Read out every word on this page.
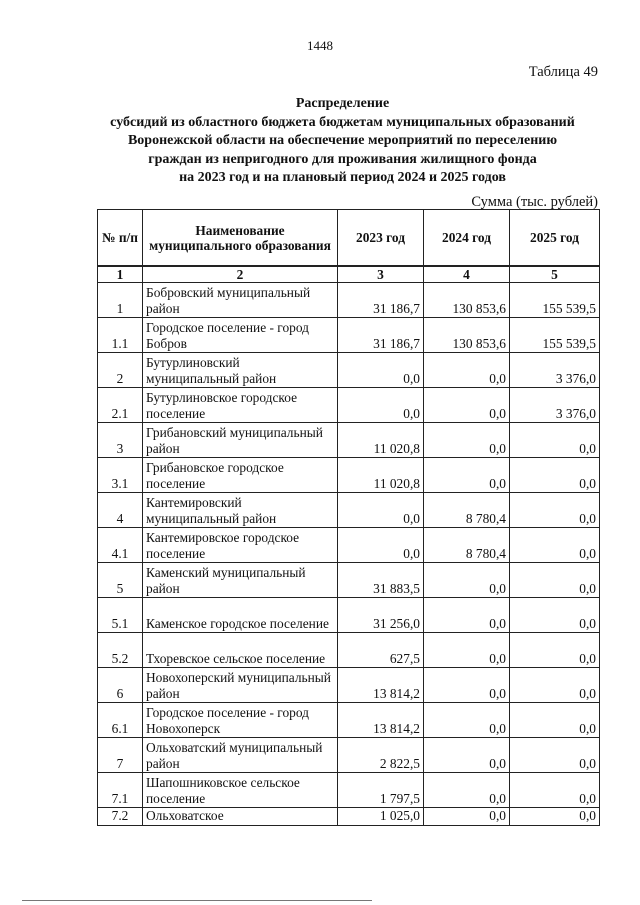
1448
Таблица 49
Распределение
субсидий из областного бюджета бюджетам муниципальных образований
Воронежской области на обеспечение мероприятий по переселению
граждан из непригодного для проживания жилищного фонда
на 2023 год и на плановый период 2024 и 2025 годов
Сумма (тыс. рублей)
№ п/п	Наименование муниципального образования	2023 год	2024 год	2025 год
1	2	3	4	5
1	Бобровский муниципальный район	31 186,7	130 853,6	155 539,5
1.1	Городское поселение - город Бобров	31 186,7	130 853,6	155 539,5
2	Бутурлиновский муниципальный район	0,0	0,0	3 376,0
2.1	Бутурлиновское городское поселение	0,0	0,0	3 376,0
3	Грибановский муниципальный район	11 020,8	0,0	0,0
3.1	Грибановское городское поселение	11 020,8	0,0	0,0
4	Кантемировский муниципальный район	0,0	8 780,4	0,0
4.1	Кантемировское городское поселение	0,0	8 780,4	0,0
5	Каменский муниципальный район	31 883,5	0,0	0,0
5.1	Каменское городское поселение	31 256,0	0,0	0,0
5.2	Тхоревское сельское поселение	627,5	0,0	0,0
6	Новохоперский муниципальный район	13 814,2	0,0	0,0
6.1	Городское поселение - город Новохоперск	13 814,2	0,0	0,0
7	Ольховатский муниципальный район	2 822,5	0,0	0,0
7.1	Шапошниковское сельское поселение	1 797,5	0,0	0,0
7.2	Ольховатское	1 025,0	0,0	0,0
